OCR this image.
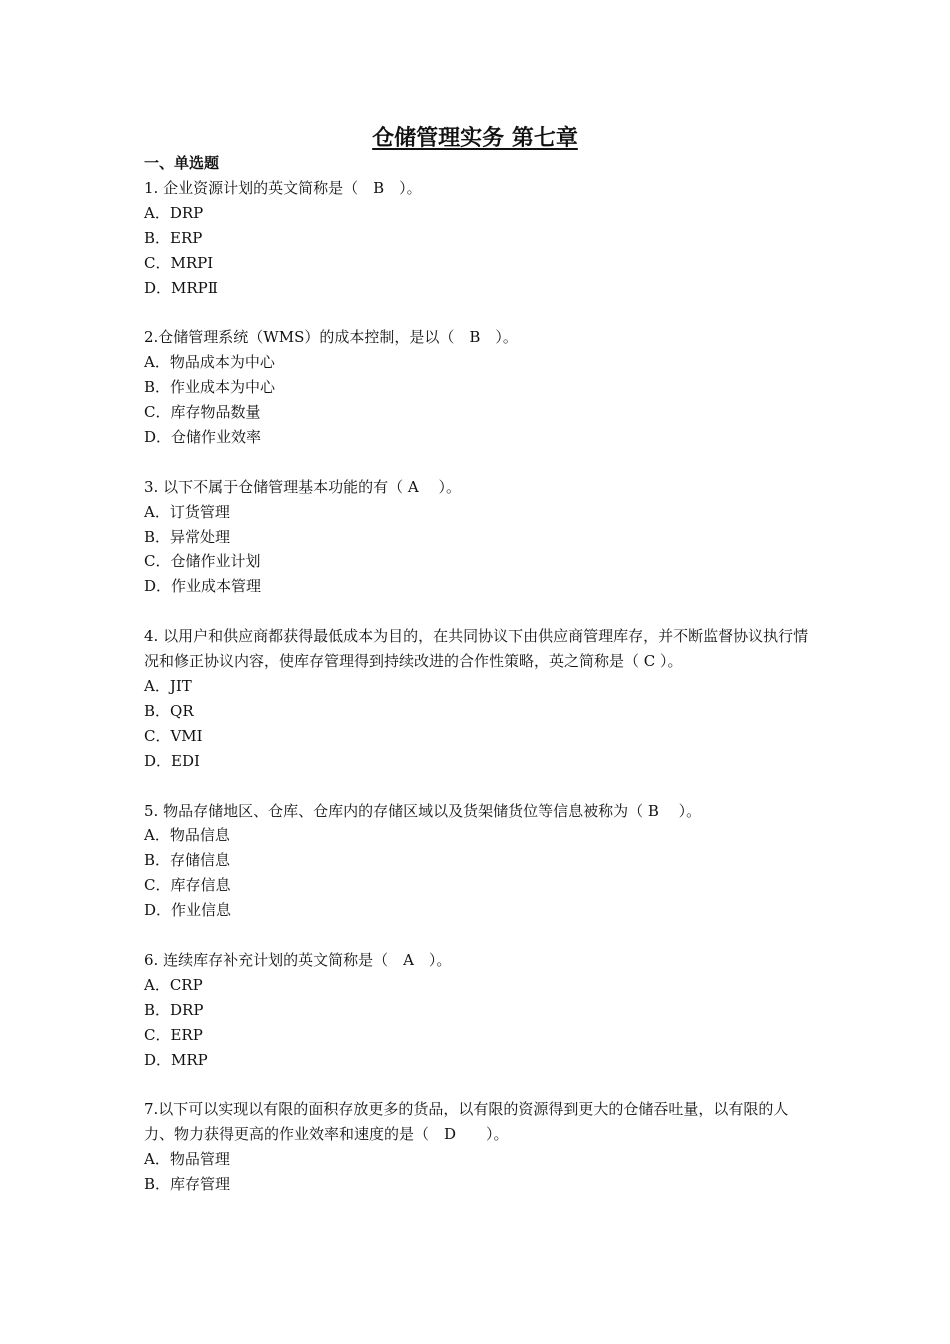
仓储管理实务 第七章
一、单选题
1. 企业资源计划的英文简称是（　B　）。
A．DRP
B．ERP
C．MRPⅠ
D．MRPⅡ
2.仓储管理系统（WMS）的成本控制，是以（　B　）。
A．物品成本为中心
B．作业成本为中心
C．库存物品数量
D．仓储作业效率
3. 以下不属于仓储管理基本功能的有（ A　 ）。
A．订货管理
B．异常处理
C．仓储作业计划
D．作业成本管理
4. 以用户和供应商都获得最低成本为目的，在共同协议下由供应商管理库存，并不断监督协议执行情况和修正协议内容，使库存管理得到持续改进的合作性策略，英之简称是（ C ）。
A．JIT
B．QR
C．VMI
D．EDI
5. 物品存储地区、仓库、仓库内的存储区域以及货架储货位等信息被称为（ B　 ）。
A．物品信息
B．存储信息
C．库存信息
D．作业信息
6. 连续库存补充计划的英文简称是（　A　）。
A．CRP
B．DRP
C．ERP
D．MRP
7.以下可以实现以有限的面积存放更多的货品，以有限的资源得到更大的仓储吞吐量，以有限的人力、物力获得更高的作业效率和速度的是（　D　　）。
A．物品管理
B．库存管理
